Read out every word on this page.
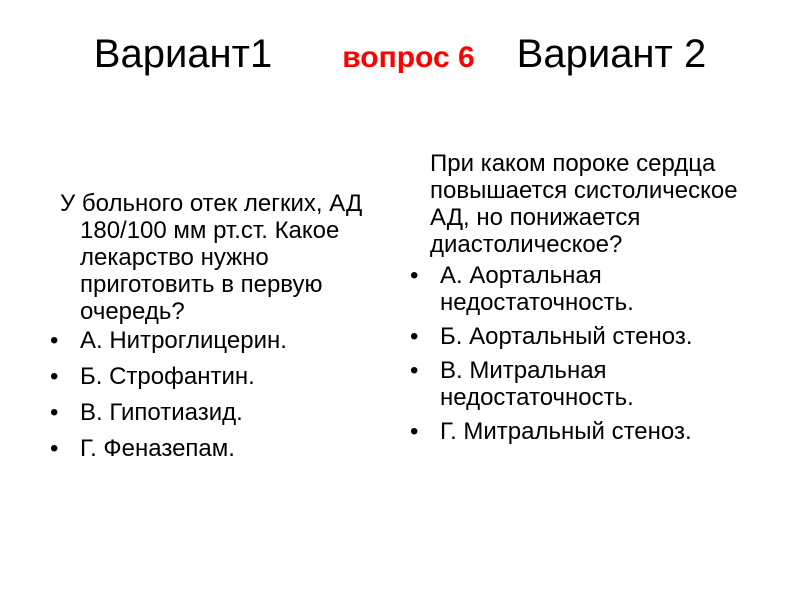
Вариант1 вопрос 6 Вариант 2
У больного отек легких, АД 180/100 мм рт.ст. Какое лекарство нужно приготовить в первую очередь?
• А. Нитроглицерин.
• Б. Строфантин.
• В. Гипотиазид.
• Г. Феназепам.
При каком пороке сердца повышается систолическое АД, но понижается диастолическое?
• А. Аортальная недостаточность.
• Б. Аортальный стеноз.
• В. Митральная недостаточность.
• Г. Митральный стеноз.
